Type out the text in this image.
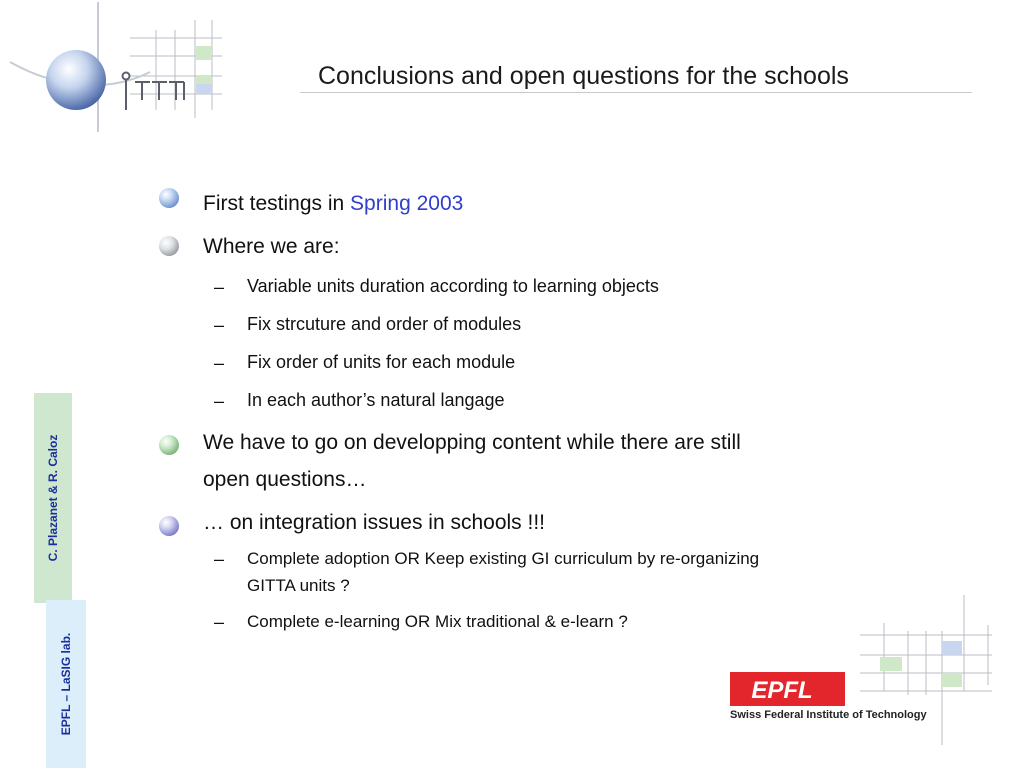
Conclusions and open questions for the schools
First testings in Spring 2003
Where we are:
– Variable units duration according to learning objects
– Fix strcuture and order of modules
– Fix order of units for each module
– In each author’s natural langage
We have to go on developping content while there are still
open questions…
… on integration issues in schools !!!
– Complete adoption OR Keep existing GI curriculum by re-organizing
GITTA units ?
– Complete e-learning OR Mix traditional & e-learn ?
C. Plazanet & R. Caloz
EPFL – LaSIG lab.	EPFL
Swiss Federal Institute of Technology
